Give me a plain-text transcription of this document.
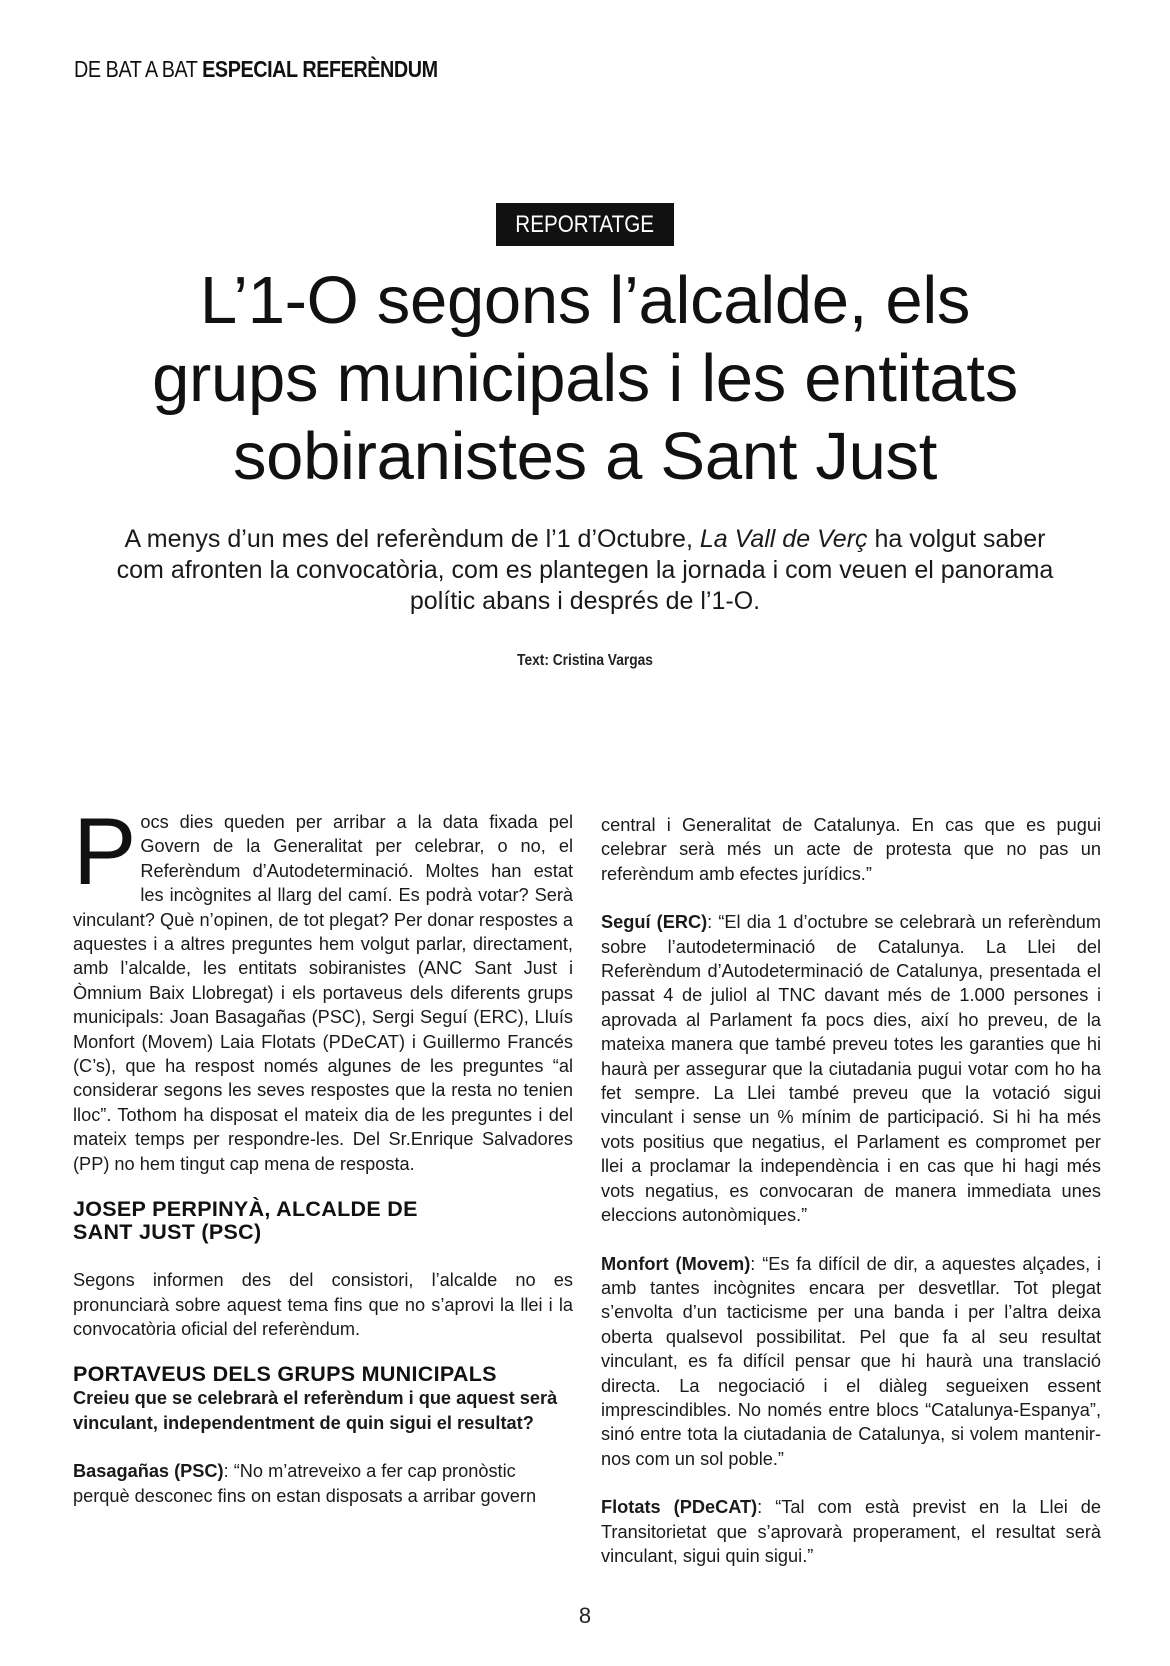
DE BAT A BAT ESPECIAL REFERÈNDUM
REPORTATGE
L’1-O segons l’alcalde, els
grups municipals i les entitats
sobiranistes a Sant Just

A menys d’un mes del referèndum de l’1 d’Octubre, La Vall de Verç ha volgut saber
com afronten la convocatòria, com es plantegen la jornada i com veuen el panorama
polític abans i després de l’1-O.

Text: Cristina Vargas

Pocs dies queden per arribar a la data fixada pel Govern de la Generalitat per celebrar, o no, el Referèndum d’Autodeterminació. Moltes han estat les incògnites al llarg del camí. Es podrà votar? Serà vinculant? Què n’opinen, de tot plegat? Per donar respostes a aquestes i a altres preguntes hem volgut parlar, directament, amb l’alcalde, les entitats sobiranistes (ANC Sant Just i Òmnium Baix Llobregat) i els portaveus dels diferents grups municipals: Joan Basagañas (PSC), Sergi Seguí (ERC), Lluís Monfort (Movem) Laia Flotats (PDeCAT) i Guillermo Francés (C’s), que ha respost només algunes de les preguntes “al considerar segons les seves respostes que la resta no tenien lloc”. Tothom ha disposat el mateix dia de les preguntes i del mateix temps per respondre-les. Del Sr.Enrique Salvadores (PP) no hem tingut cap mena de resposta.

JOSEP PERPINYÀ, ALCALDE DE
SANT JUST (PSC)

Segons informen des del consistori, l’alcalde no es pronunciarà sobre aquest tema fins que no s’aprovi la llei i la convocatòria oficial del referèndum.

PORTAVEUS DELS GRUPS MUNICIPALS

Creieu que se celebrarà el referèndum i que aquest serà vinculant, independentment de quin sigui el resultat?

Basagañas (PSC): “No m’atreveixo a fer cap pronòstic perquè desconec fins on estan disposats a arribar govern

central i Generalitat de Catalunya. En cas que es pugui celebrar serà més un acte de protesta que no pas un referèndum amb efectes jurídics.”

Seguí (ERC): “El dia 1 d’octubre se celebrarà un referèndum sobre l’autodeterminació de Catalunya. La Llei del Referèndum d’Autodeterminació de Catalunya, presentada el passat 4 de juliol al TNC davant més de 1.000 persones i aprovada al Parlament fa pocs dies, així ho preveu, de la mateixa manera que també preveu totes les garanties que hi haurà per assegurar que la ciutadania pugui votar com ho ha fet sempre. La Llei també preveu que la votació sigui vinculant i sense un % mínim de participació. Si hi ha més vots positius que negatius, el Parlament es compromet per llei a proclamar la independència i en cas que hi hagi més vots negatius, es convocaran de manera immediata unes eleccions autonòmiques.”

Monfort (Movem): “Es fa difícil de dir, a aquestes alçades, i amb tantes incògnites encara per desvetllar. Tot plegat s’envolta d’un tacticisme per una banda i per l’altra deixa oberta qualsevol possibilitat. Pel que fa al seu resultat vinculant, es fa difícil pensar que hi haurà una translació directa. La negociació i el diàleg segueixen essent imprescindibles. No només entre blocs “Catalunya-Espanya”, sinó entre tota la ciutadania de Catalunya, si volem mantenir-nos com un sol poble.”

Flotats (PDeCAT): “Tal com està previst en la Llei de Transitorietat que s’aprovarà properament, el resultat serà vinculant, sigui quin sigui.”

8
